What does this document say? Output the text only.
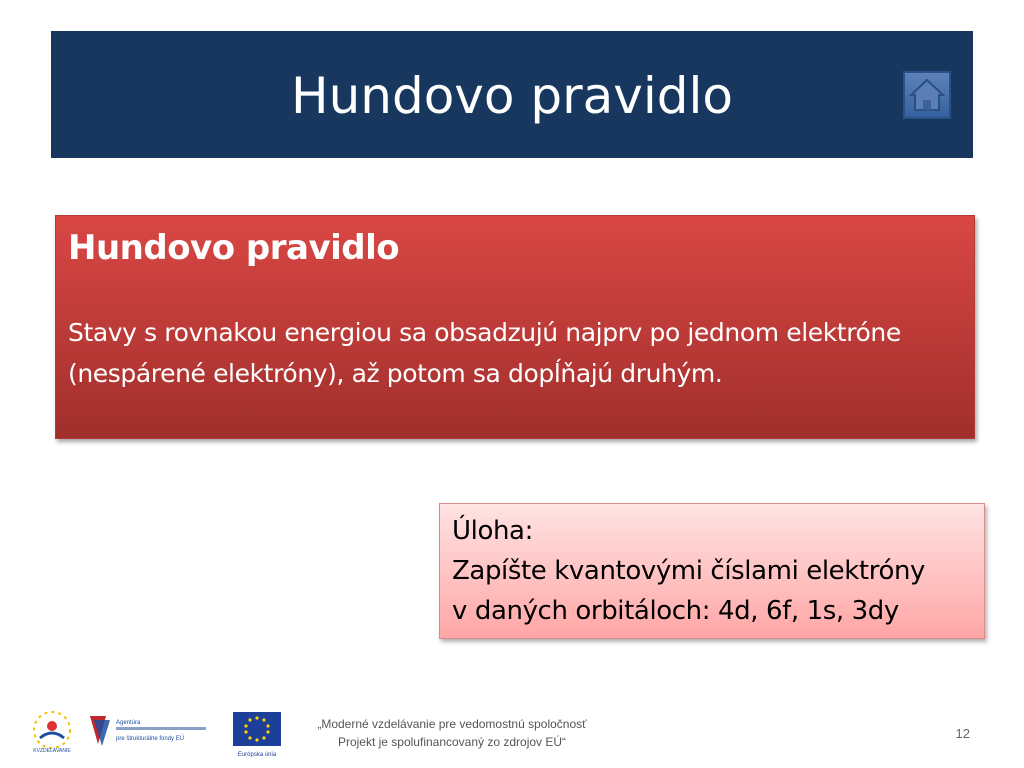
Hundovo pravidlo
Hundovo pravidlo
Stavy s rovnakou energiou sa obsadzujú najprv po jednom elektróne (nespárené elektróny), až potom sa dopĺňajú druhým.
Úloha:
Zapíšte kvantovými číslami elektróny
v daných orbitáloch: 4d, 6f, 1s, 3dy
KVZDELÁVANIE
Agentúra
pre štrukturálne fondy EÚ
Európska únia
„Moderné vzdelávanie pre vedomostnú spoločnosť
Projekt je spolufinancovaný zo zdrojov EÚ“
12
